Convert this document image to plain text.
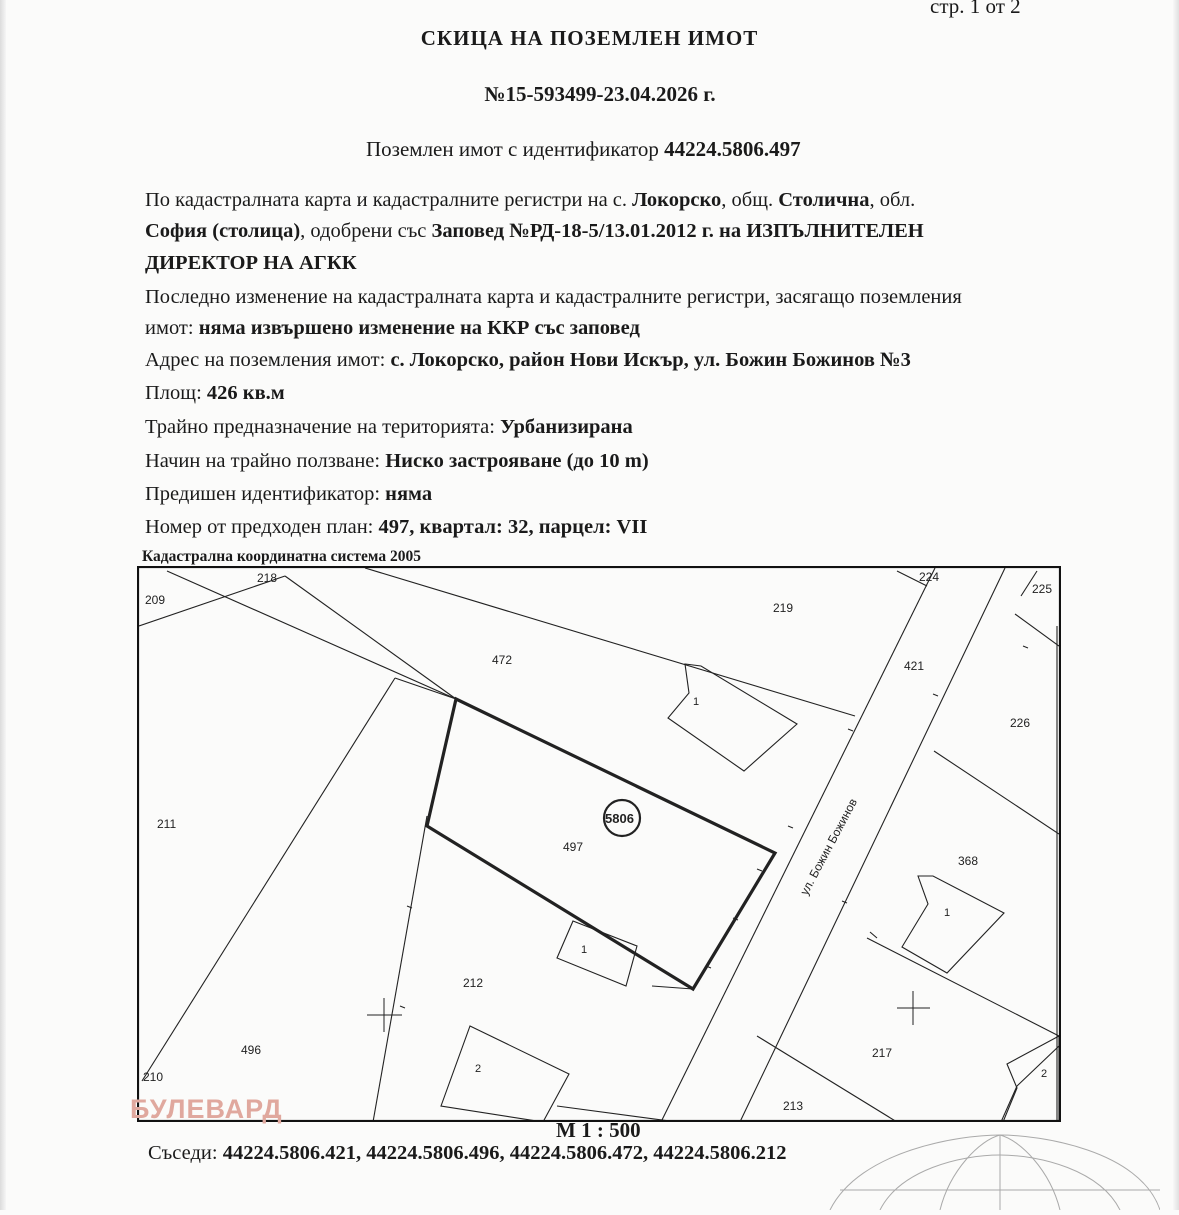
стр. 1 от 2
СКИЦА НА ПОЗЕМЛЕН ИМОТ
№15-593499-23.04.2026 г.
Поземлен имот с идентификатор 44224.5806.497
По кадастралната карта и кадастралните регистри на с. Локорско, общ. Столична, обл.
София (столица), одобрени със Заповед №РД-18-5/13.01.2012 г. на ИЗПЪЛНИТЕЛЕН
ДИРЕКТОР НА АГКК
Последно изменение на кадастралната карта и кадастралните регистри, засягащо поземления
имот: няма извършено изменение на ККР със заповед
Адрес на поземления имот: с. Локорско, район Нови Искър, ул. Божин Божинов №3
Площ: 426 кв.м
Трайно предназначение на територията: Урбанизирана
Начин на трайно ползване: Ниско застрояване (до 10 m)
Предишен идентификатор: няма
Номер от предходен план: 497, квартал: 32, парцел: VII
Кадастрална координатна система 2005
5806
209
218	224
225
219
472	421
226
211
497
368
212
496	217
210
213
1
1
1
2	2
ул. Божин Божинов
БУЛЕВАРД
М 1 : 500
Съседи: 44224.5806.421, 44224.5806.496, 44224.5806.472, 44224.5806.212
